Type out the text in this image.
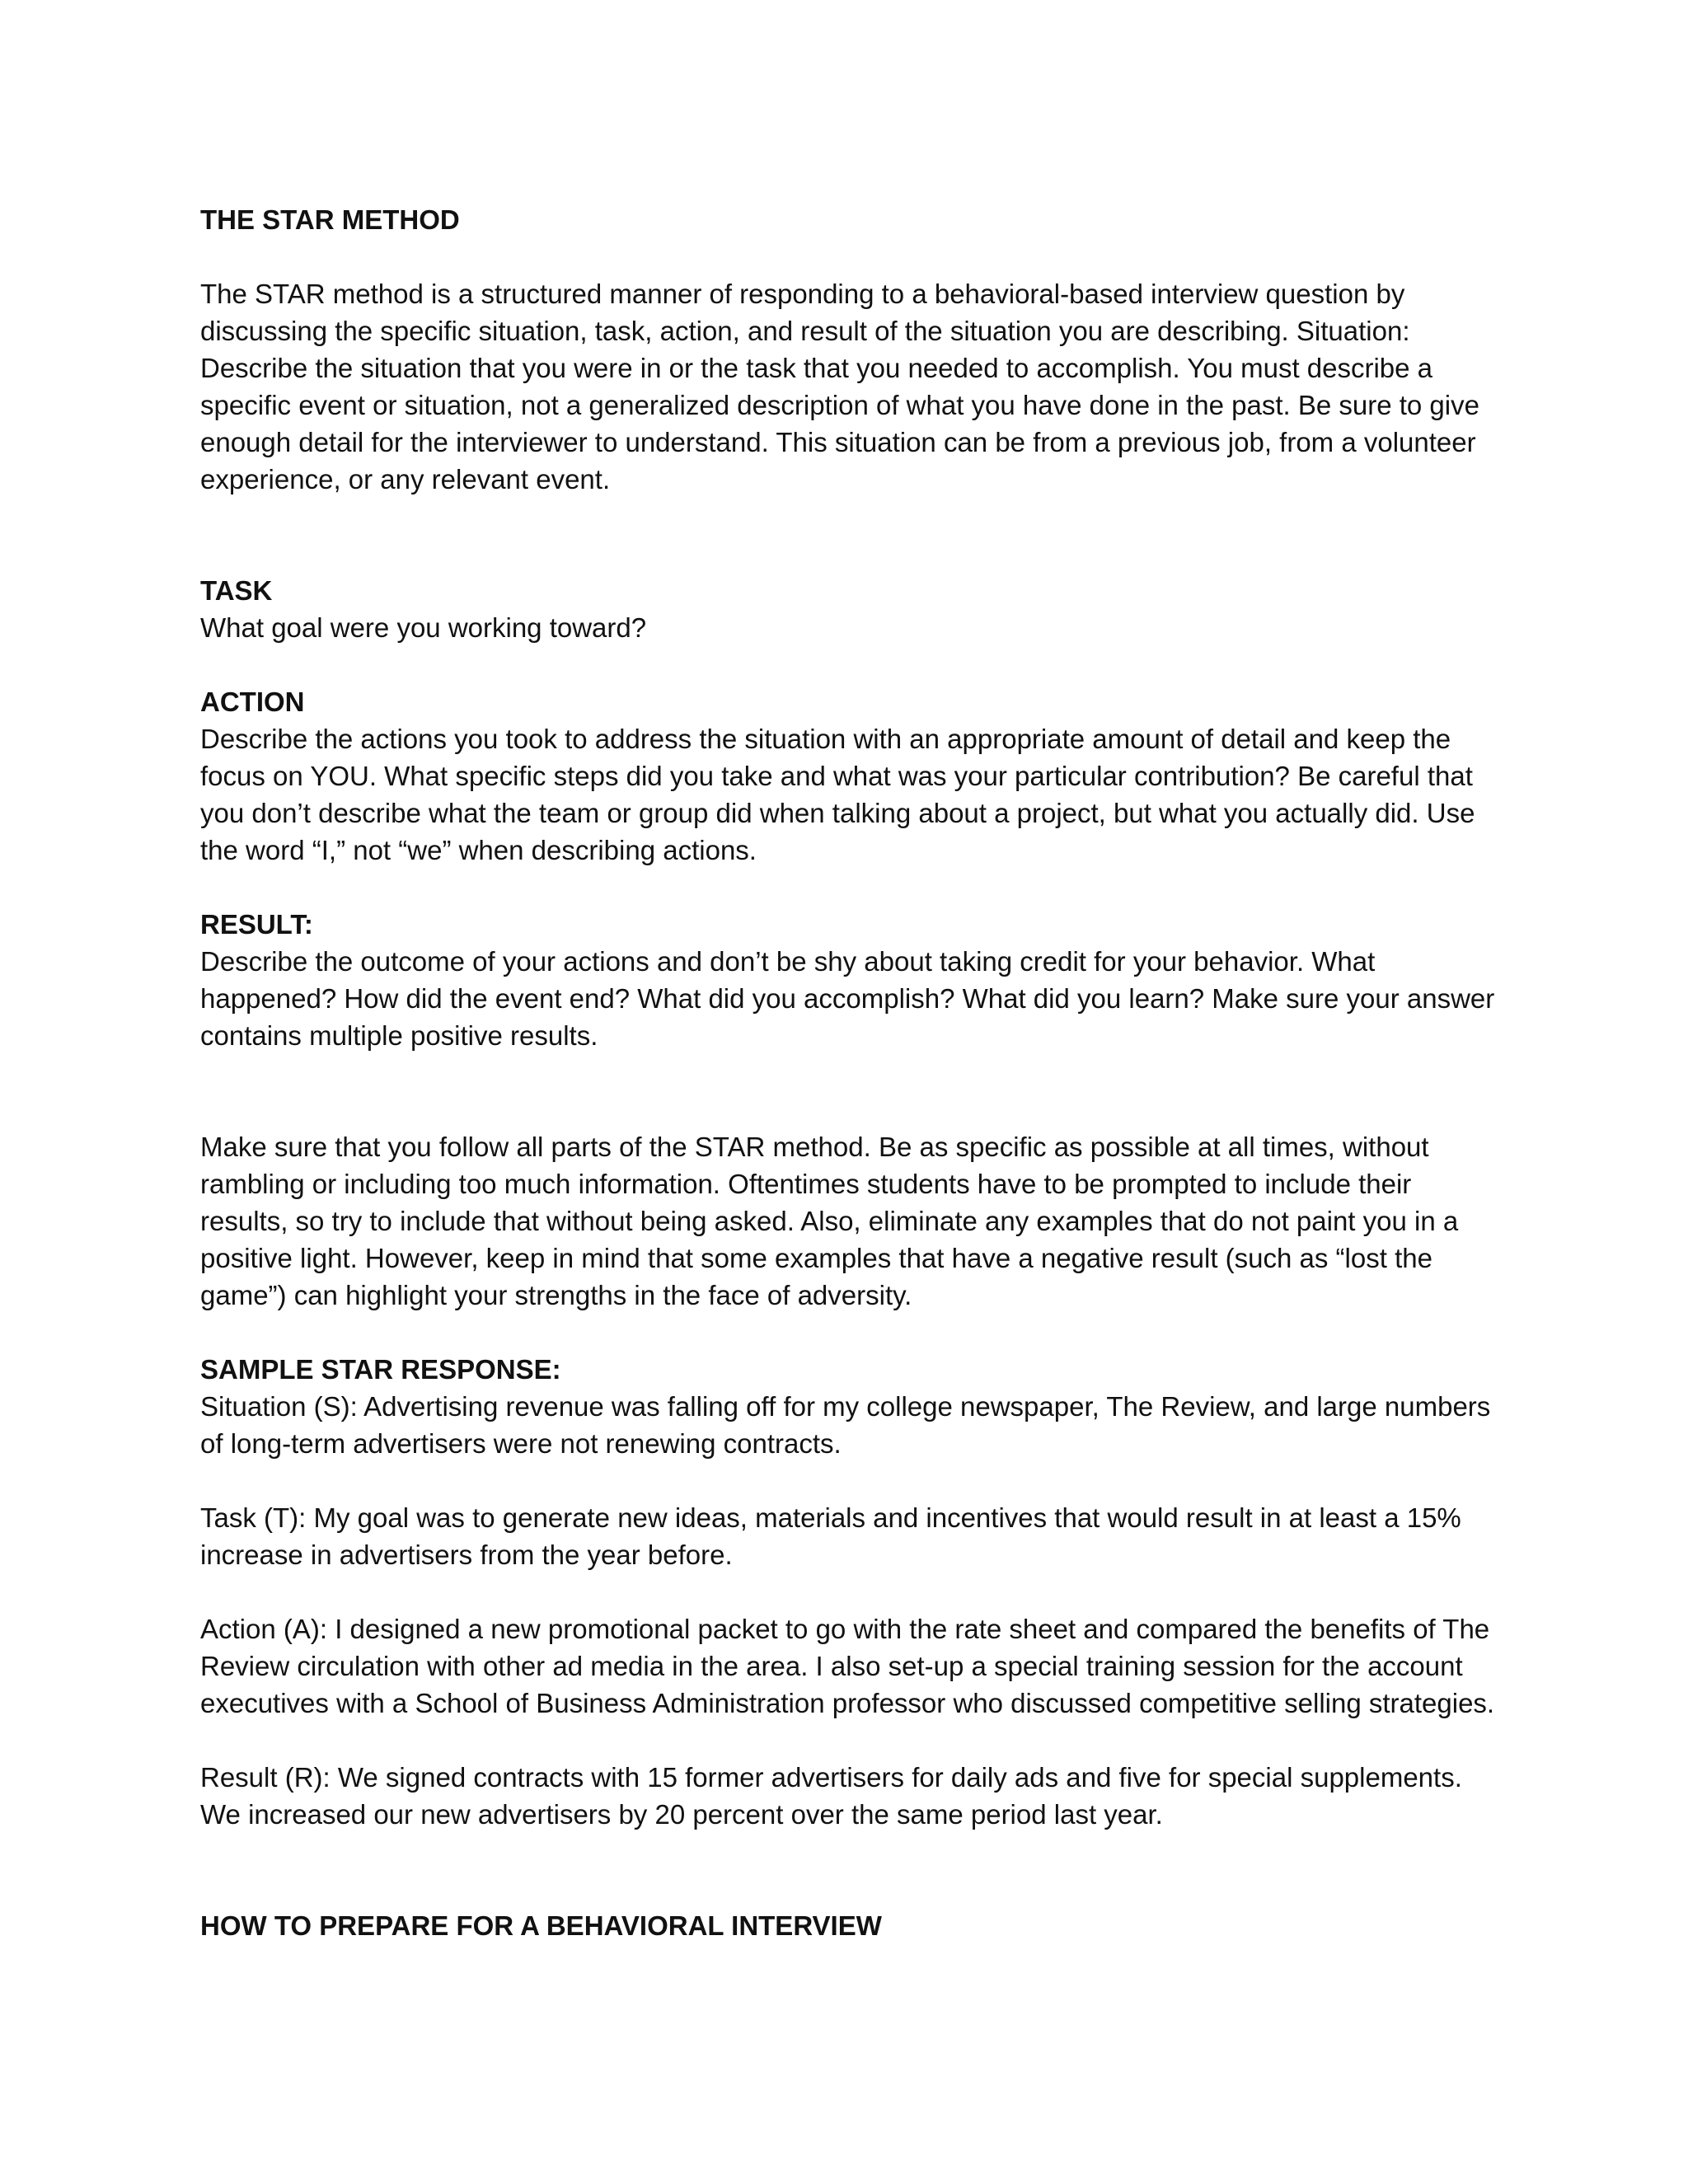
THE STAR METHOD

The STAR method is a structured manner of responding to a behavioral-based interview question by discussing the specific situation, task, action, and result of the situation you are describing. Situation: Describe the situation that you were in or the task that you needed to accomplish. You must describe a specific event or situation, not a generalized description of what you have done in the past. Be sure to give enough detail for the interviewer to understand. This situation can be from a previous job, from a volunteer experience, or any relevant event.

TASK

What goal were you working toward?

ACTION

Describe the actions you took to address the situation with an appropriate amount of detail and keep the focus on YOU. What specific steps did you take and what was your particular contribution? Be careful that you don’t describe what the team or group did when talking about a project, but what you actually did. Use the word “I,” not “we” when describing actions.

RESULT:

Describe the outcome of your actions and don’t be shy about taking credit for your behavior. What happened? How did the event end? What did you accomplish? What did you learn? Make sure your answer contains multiple positive results.

Make sure that you follow all parts of the STAR method. Be as specific as possible at all times, without rambling or including too much information. Oftentimes students have to be prompted to include their results, so try to include that without being asked. Also, eliminate any examples that do not paint you in a positive light. However, keep in mind that some examples that have a negative result (such as “lost the game”) can highlight your strengths in the face of adversity.

SAMPLE STAR RESPONSE:

Situation (S): Advertising revenue was falling off for my college newspaper, The Review, and large numbers of long-term advertisers were not renewing contracts.

Task (T): My goal was to generate new ideas, materials and incentives that would result in at least a 15% increase in advertisers from the year before.

Action (A): I designed a new promotional packet to go with the rate sheet and compared the benefits of The Review circulation with other ad media in the area. I also set-up a special training session for the account executives with a School of Business Administration professor who discussed competitive selling strategies.

Result (R): We signed contracts with 15 former advertisers for daily ads and five for special supplements. We increased our new advertisers by 20 percent over the same period last year.

HOW TO PREPARE FOR A BEHAVIORAL INTERVIEW
